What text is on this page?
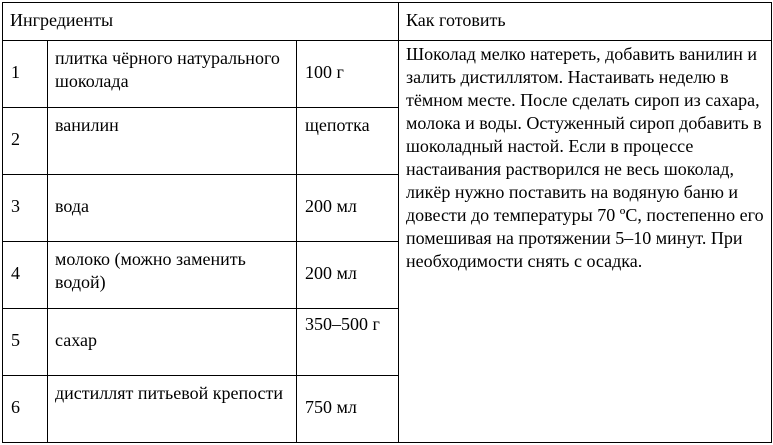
Ингредиенты			Как готовить
1	плитка чёрного натурального шоколада	100 г	Шоколад мелко натереть, добавить ванилин и залить дистиллятом. Настаивать неделю в тёмном месте. После сделать сироп из сахара, молока и воды. Остуженный сироп добавить в шоколадный настой. Если в процессе настаивания растворился не весь шоколад, ликёр нужно поставить на водяную баню и довести до температуры 70 ºС, постепенно его помешивая на протяжении 5–10 минут. При необходимости снять с осадка.

2	ванилин	щепотка	
3	вода	200 мл	
4	молоко (можно заменить водой)	200 мл	
5	сахар	350–500 г	
6	дистиллят питьевой крепости	750 мл	
